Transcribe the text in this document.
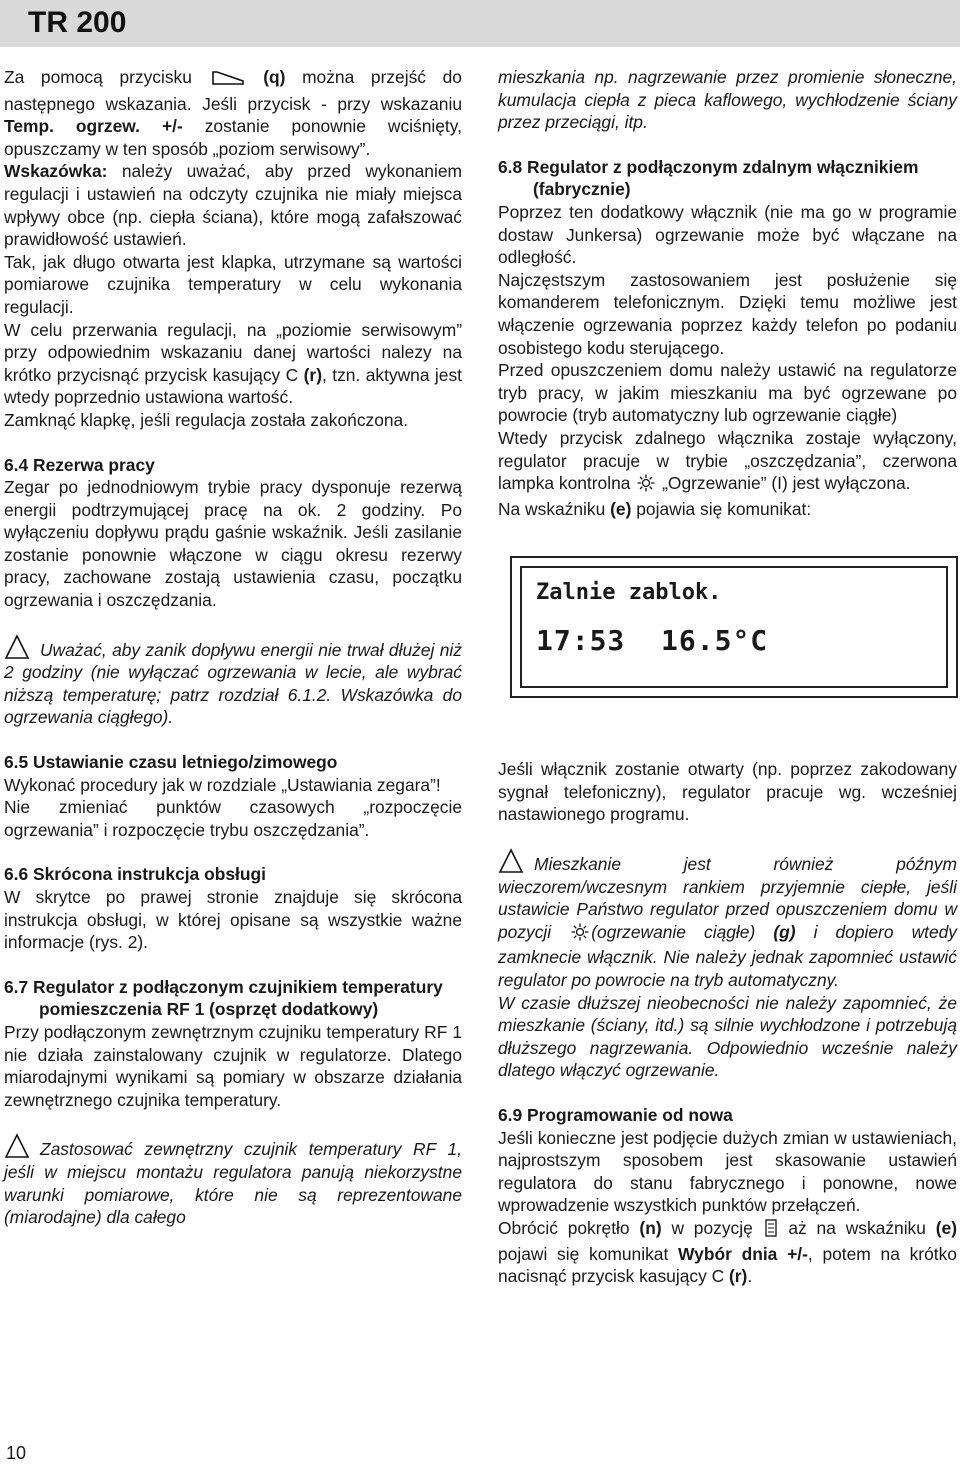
TR 200

Za pomocą przycisku	(q) można przejść do następnego wskazania. Jeśli przycisk - przy wskazaniu Temp. ogrzew. +/- zostanie ponownie wciśnięty, opuszczamy w ten sposób „poziom serwisowy”.

Wskazówka: należy uważać, aby przed wykonaniem regulacji i ustawień na odczyty czujnika nie miały miejsca wpływy obce (np. ciepła ściana), które mogą zafałszować prawidłowość ustawień.

Tak, jak długo otwarta jest klapka, utrzymane są wartości pomiarowe czujnika temperatury w celu wykonania regulacji.

W celu przerwania regulacji, na „poziomie serwisowym” przy odpowiednim wskazaniu danej wartości nalezy na krótko przycisnąć przycisk kasujący C (r), tzn. aktywna jest wtedy poprzednio ustawiona wartość.

Zamknąć klapkę, jeśli regulacja została zakończona.

6.4 Rezerwa pracy

Zegar po jednodniowym trybie pracy dysponuje rezerwą energii podtrzymującej pracę na ok. 2 godziny. Po wyłączeniu dopływu prądu gaśnie wskaźnik. Jeśli zasilanie zostanie ponownie włączone w ciągu okresu rezerwy pracy, zachowane zostają ustawienia czasu, początku ogrzewania i oszczędzania.

Uważać, aby zanik dopływu energii nie trwał dłużej niż 2 godziny (nie wyłączać ogrzewania w lecie, ale wybrać niższą temperaturę; patrz rozdział 6.1.2. Wskazówka do ogrzewania ciągłego).

6.5 Ustawianie czasu letniego/zimowego

Wykonać procedury jak w rozdziale „Ustawiania zegara”!

Nie zmieniać punktów czasowych „rozpoczęcie ogrzewania” i rozpoczęcie trybu oszczędzania”.

6.6 Skrócona instrukcja obsługi

W skrytce po prawej stronie znajduje się skrócona instrukcja obsługi, w której opisane są wszystkie ważne informacje (rys. 2).

6.7 Regulator z podłączonym czujnikiem temperatury pomieszczenia RF 1 (osprzęt dodatkowy)

Przy podłączonym zewnętrznym czujniku temperatury RF 1 nie działa zainstalowany czujnik w regulatorze. Dlatego miarodajnymi wynikami są pomiary w obszarze działania zewnętrznego czujnika temperatury.

Zastosować zewnętrzny czujnik temperatury RF 1, jeśli w miejscu montażu regulatora panują niekorzystne warunki pomiarowe, które nie są reprezentowane (miarodajne) dla całego

mieszkania np. nagrzewanie przez promienie słoneczne, kumulacja ciepła z pieca kaflowego, wychłodzenie ściany przez przeciągi, itp.

6.8 Regulator z podłączonym zdalnym włącznikiem (fabrycznie)

Poprzez ten dodatkowy włącznik (nie ma go w programie dostaw Junkersa) ogrzewanie może być włączane na odległość.

Najczęstszym zastosowaniem jest posłużenie się komanderem telefonicznym. Dzięki temu możliwe jest włączenie ogrzewania poprzez każdy telefon po podaniu osobistego kodu sterującego.

Przed opuszczeniem domu należy ustawić na regulatorze tryb pracy, w jakim mieszkaniu ma być ogrzewane po powrocie (tryb automatyczny lub ogrzewanie ciągłe)

Wtedy przycisk zdalnego włącznika zostaje wyłączony, regulator pracuje w trybie „oszczędzania”, czerwona lampka kontrolna „Ogrzewanie” (I) jest wyłączona.

Na wskaźniku (e) pojawia się komunikat:

Zalnie zablok.
17:53 16.5°C

Jeśli włącznik zostanie otwarty (np. poprzez zakodowany sygnał telefoniczny), regulator pracuje wg. wcześniej nastawionego programu.

Mieszkanie jest również późnym wieczorem/wczesnym rankiem przyjemnie ciepłe, jeśli ustawicie Państwo regulator przed opuszczeniem domu w pozycji (ogrzewanie ciągłe) (g) i dopiero wtedy zamknecie włącznik. Nie należy jednak zapomnieć ustawić regulator po powrocie na tryb automatyczny.

W czasie dłuższej nieobecności nie należy zapomnieć, że mieszkanie (ściany, itd.) są silnie wychłodzone i potrzebują dłuższego nagrzewania. Odpowiednio wcześnie należy dlatego włączyć ogrzewanie.

6.9 Programowanie od nowa

Jeśli konieczne jest podjęcie dużych zmian w ustawieniach, najprostszym sposobem jest skasowanie ustawień regulatora do stanu fabrycznego i ponowne, nowe wprowadzenie wszystkich punktów przełączeń.

Obrócić pokrętło (n) w pozycję aż na wskaźniku (e) pojawi się komunikat Wybór dnia +/-, potem na krótko nacisnąć przycisk kasujący C (r).

10
